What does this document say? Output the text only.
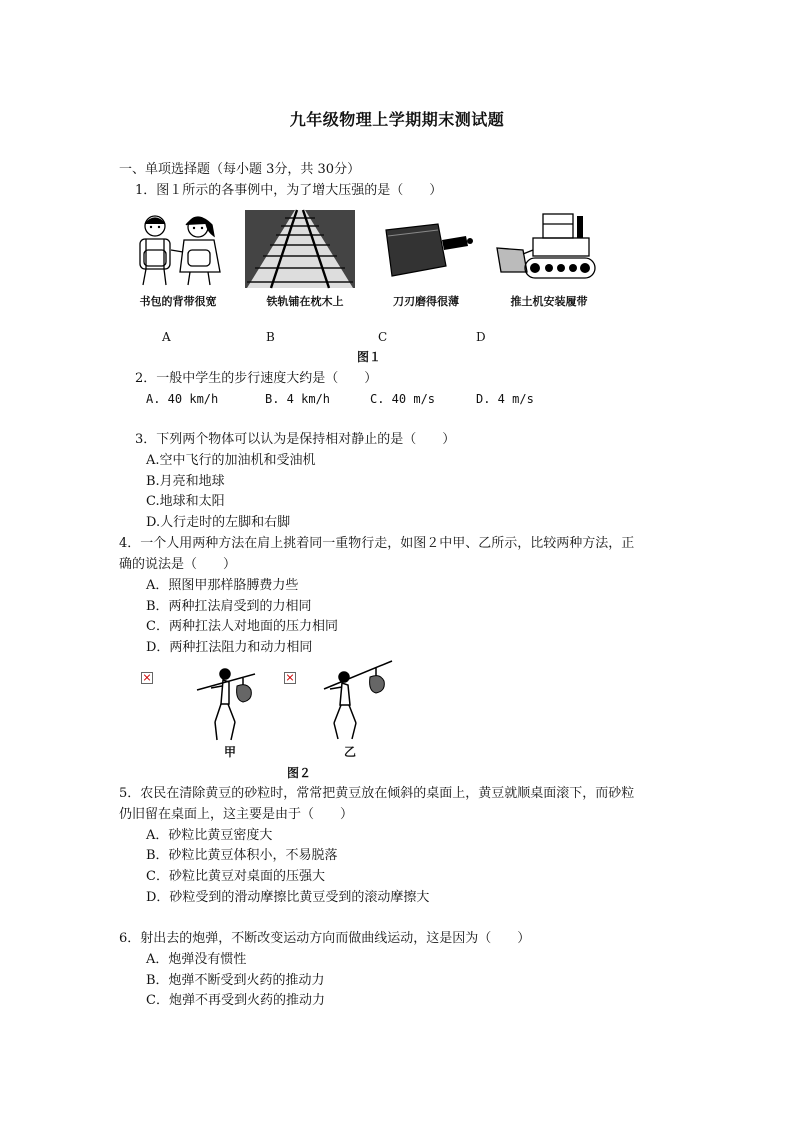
九年级物理上学期期末测试题
一、单项选择题（每小题 3分，共 30分）
1．图１所示的各事例中，为了增大压强的是（　　）
书包的背带很宽	铁轨铺在枕木上	刀刃磨得很薄	推土机安装履带
A	B	C	D
图１
2．一般中学生的步行速度大约是（　　）
A. 40 km/h	B. 4 km/h	C. 40 m/s	D. 4 m/s
3．下列两个物体可以认为是保持相对静止的是（　　）
A.空中飞行的加油机和受油机
B.月亮和地球
C.地球和太阳
D.人行走时的左脚和右脚
4．一个人用两种方法在肩上挑着同一重物行走，如图２中甲、乙所示，比较两种方法，正
确的说法是（　　）
A．照图甲那样胳膊费力些
B．两种扛法肩受到的力相同
C．两种扛法人对地面的压力相同
D．两种扛法阻力和动力相同
甲	乙
图２
5．农民在清除黄豆的砂粒时，常常把黄豆放在倾斜的桌面上，黄豆就顺桌面滚下，而砂粒
仍旧留在桌面上，这主要是由于（　　）
A．砂粒比黄豆密度大
B．砂粒比黄豆体积小，不易脱落
C．砂粒比黄豆对桌面的压强大
D．砂粒受到的滑动摩擦比黄豆受到的滚动摩擦大
6．射出去的炮弹，不断改变运动方向而做曲线运动，这是因为（　　）
A．炮弹没有惯性
B．炮弹不断受到火药的推动力
C．炮弹不再受到火药的推动力
